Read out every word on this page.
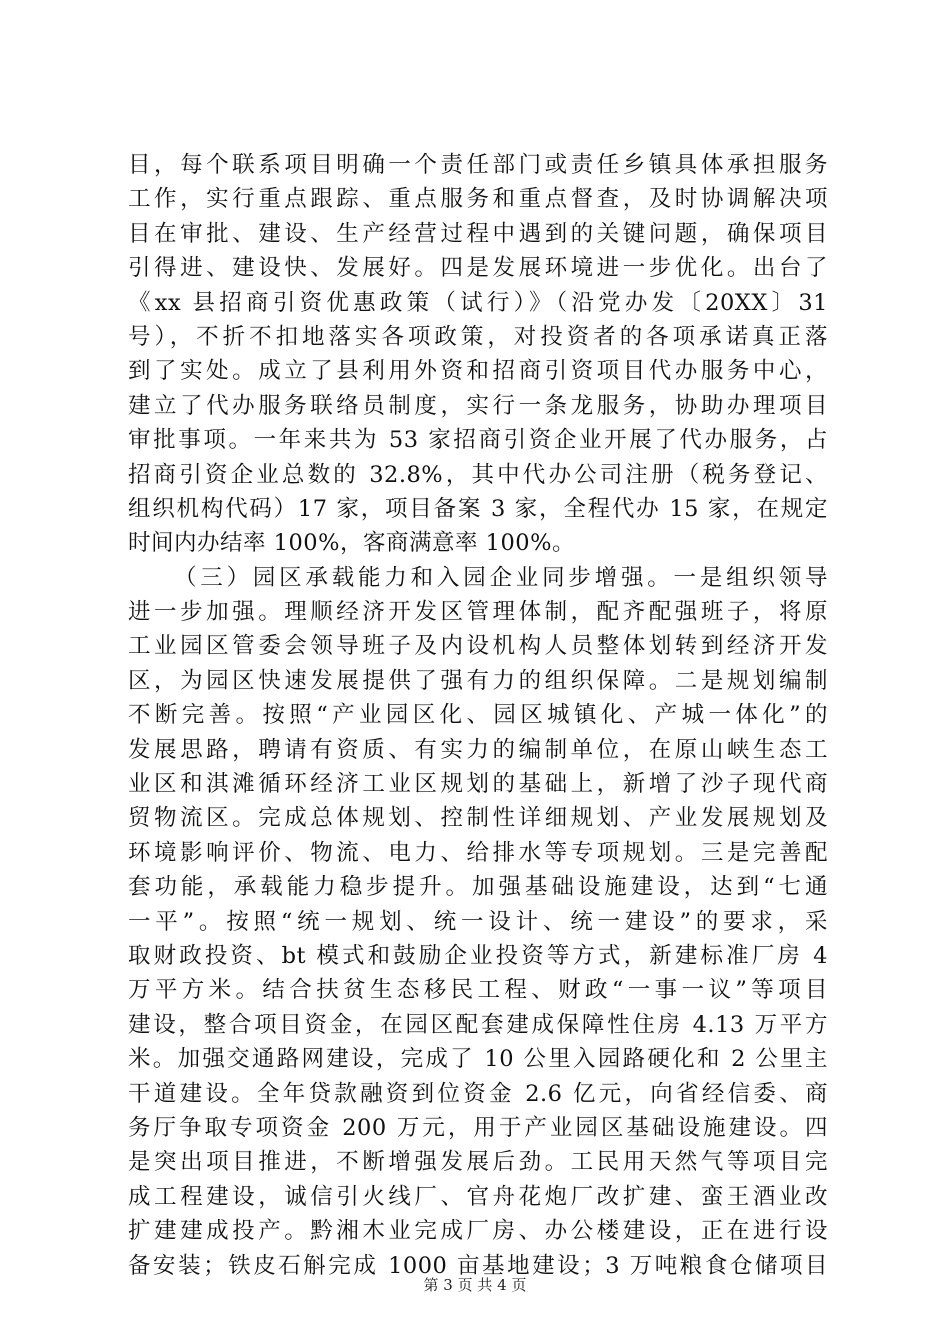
目，每个联系项目明确一个责任部门或责任乡镇具体承担服务
工作，实行重点跟踪、重点服务和重点督查，及时协调解决项
目在审批、建设、生产经营过程中遇到的关键问题，确保项目
引得进、建设快、发展好。四是发展环境进一步优化。出台了
《xx 县招商引资优惠政策（试行）》（沿党办发〔20XX〕31
号），不折不扣地落实各项政策，对投资者的各项承诺真正落
到了实处。成立了县利用外资和招商引资项目代办服务中心，
建立了代办服务联络员制度，实行一条龙服务，协助办理项目
审批事项。一年来共为 53 家招商引资企业开展了代办服务，占
招商引资企业总数的 32.8%，其中代办公司注册（税务登记、
组织机构代码）17 家，项目备案 3 家，全程代办 15 家，在规定
时间内办结率 100%，客商满意率 100%。
（三）园区承载能力和入园企业同步增强。一是组织领导
进一步加强。理顺经济开发区管理体制，配齐配强班子，将原
工业园区管委会领导班子及内设机构人员整体划转到经济开发
区，为园区快速发展提供了强有力的组织保障。二是规划编制
不断完善。按照“产业园区化、园区城镇化、产城一体化”的
发展思路，聘请有资质、有实力的编制单位，在原山峡生态工
业区和淇滩循环经济工业区规划的基础上，新增了沙子现代商
贸物流区。完成总体规划、控制性详细规划、产业发展规划及
环境影响评价、物流、电力、给排水等专项规划。三是完善配
套功能，承载能力稳步提升。加强基础设施建设，达到“七通
一平”。按照“统一规划、统一设计、统一建设”的要求，采
取财政投资、bt 模式和鼓励企业投资等方式，新建标准厂房 4
万平方米。结合扶贫生态移民工程、财政“一事一议”等项目
建设，整合项目资金，在园区配套建成保障性住房 4.13 万平方
米。加强交通路网建设，完成了 10 公里入园路硬化和 2 公里主
干道建设。全年贷款融资到位资金 2.6 亿元，向省经信委、商
务厅争取专项资金 200 万元，用于产业园区基础设施建设。四
是突出项目推进，不断增强发展后劲。工民用天然气等项目完
成工程建设，诚信引火线厂、官舟花炮厂改扩建、蛮王酒业改
扩建建成投产。黔湘木业完成厂房、办公楼建设，正在进行设
备安装；铁皮石斛完成 1000 亩基地建设；3 万吨粮食仓储项目
第 3 页 共 4 页
